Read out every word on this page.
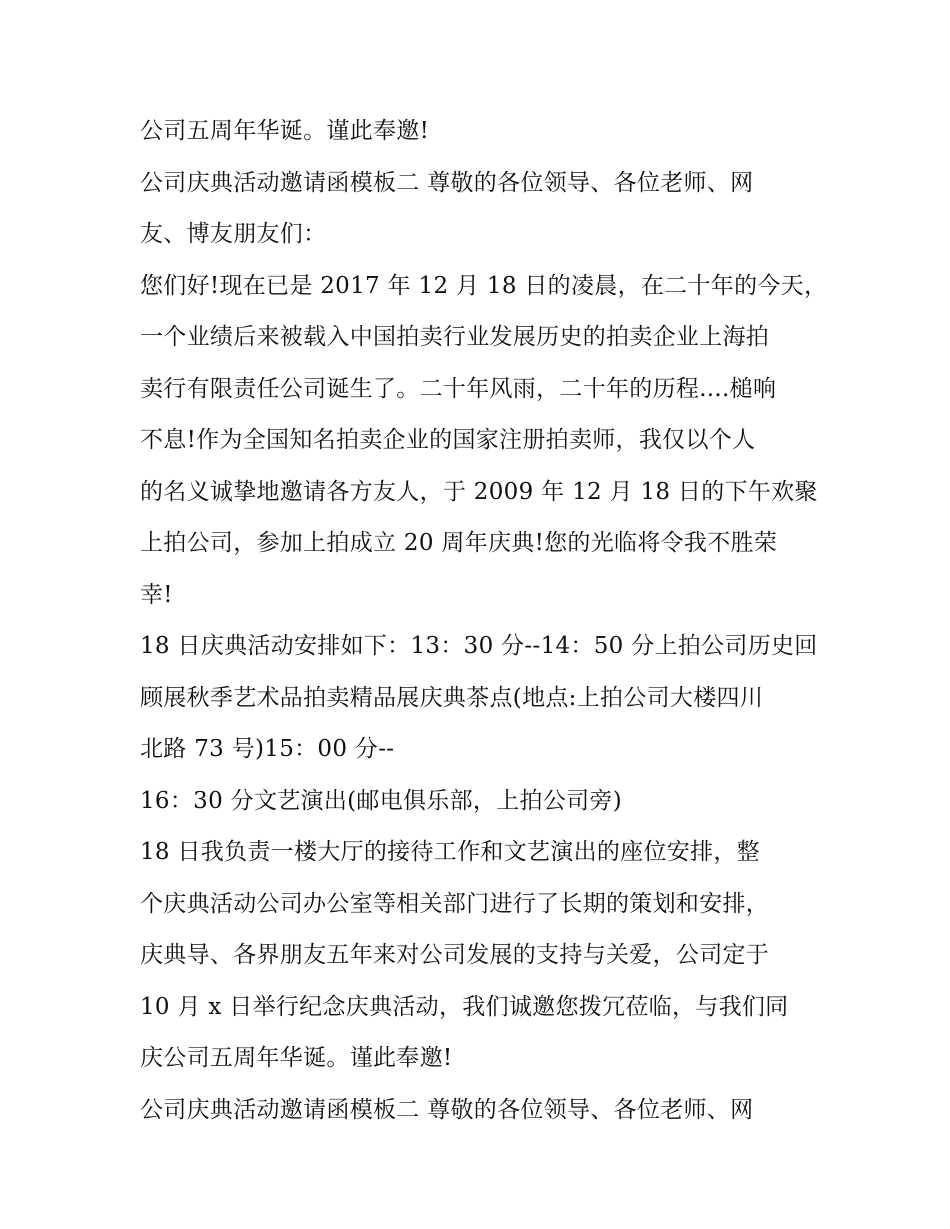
公司五周年华诞。谨此奉邀!
公司庆典活动邀请函模板二 尊敬的各位领导、各位老师、网
友、博友朋友们：
您们好!现在已是 2017 年 12 月 18 日的凌晨，在二十年的今天，
一个业绩后来被载入中国拍卖行业发展历史的拍卖企业上海拍
卖行有限责任公司诞生了。二十年风雨，二十年的历程....槌响
不息!作为全国知名拍卖企业的国家注册拍卖师，我仅以个人
的名义诚挚地邀请各方友人，于 2009 年 12 月 18 日的下午欢聚
上拍公司，参加上拍成立 20 周年庆典!您的光临将令我不胜荣
幸!
18 日庆典活动安排如下：13：30 分--14：50 分上拍公司历史回
顾展秋季艺术品拍卖精品展庆典茶点(地点:上拍公司大楼四川
北路 73 号)15：00 分--
16：30 分文艺演出(邮电俱乐部，上拍公司旁)
18 日我负责一楼大厅的接待工作和文艺演出的座位安排，整
个庆典活动公司办公室等相关部门进行了长期的策划和安排，
庆典导、各界朋友五年来对公司发展的支持与关爱，公司定于
10 月 x 日举行纪念庆典活动，我们诚邀您拨冗莅临，与我们同
庆公司五周年华诞。谨此奉邀!
公司庆典活动邀请函模板二 尊敬的各位领导、各位老师、网
